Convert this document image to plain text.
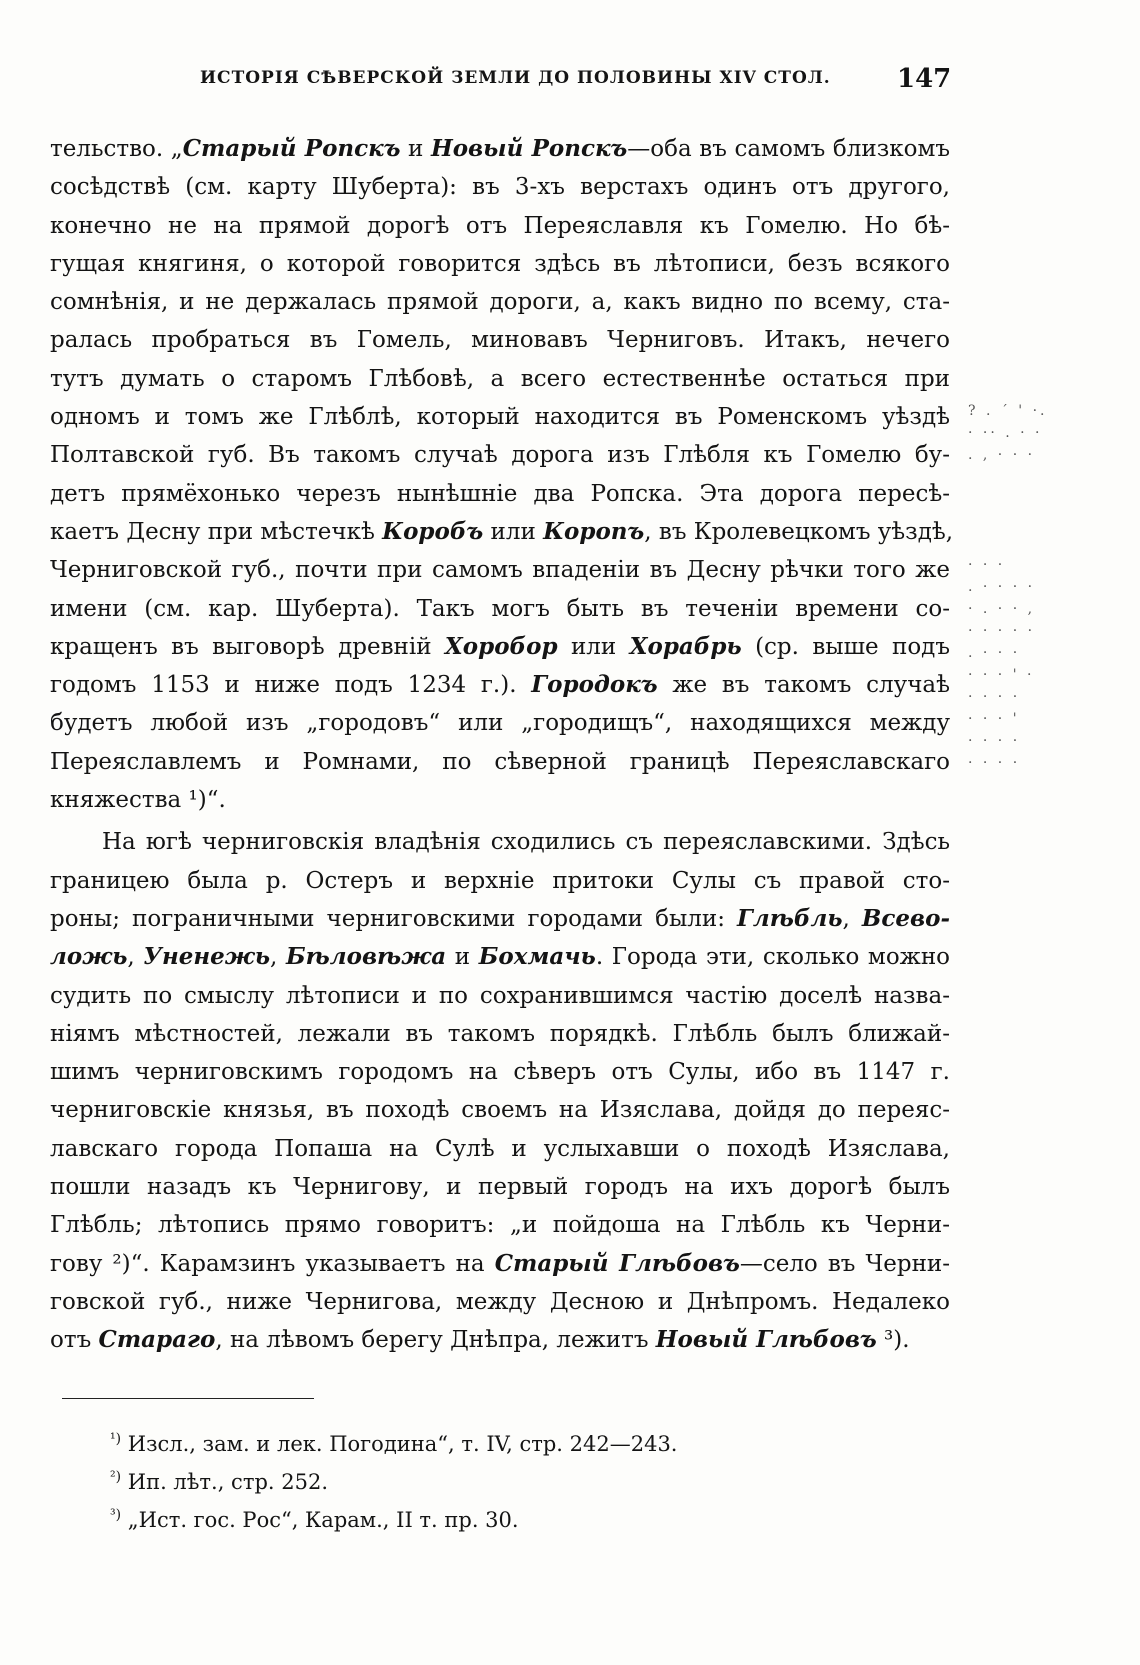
ИСТОРІЯ СѢВЕРСКОЙ ЗЕМЛИ ДО ПОЛОВИНЫ XIV СТОЛ.	147

тельство. „Старый Ропскъ и Новый Ропскъ—оба въ самомъ близкомъ
сосѣдствѣ (см. карту Шуберта): въ 3-хъ верстахъ одинъ отъ другого,
конечно не на прямой дорогѣ отъ Переяславля къ Гомелю. Но бѣ-
гущая княгиня, о которой говорится здѣсь въ лѣтописи, безъ всякого
сомнѣнія, и не держалась прямой дороги, а, какъ видно по всему, ста-
ралась пробраться въ Гомель, миновавъ Черниговъ. Итакъ, нечего
тутъ думать о старомъ Глѣбовѣ, а всего естественнѣе остаться при
одномъ и томъ же Глѣблѣ, который находится въ Роменскомъ уѣздѣ
Полтавской губ. Въ такомъ случаѣ дорога изъ Глѣбля къ Гомелю бу-
детъ прямёхонько черезъ нынѣшніе два Ропска. Эта дорога пересѣ-
каетъ Десну при мѣстечкѣ Коробъ или Коропъ, въ Кролевецкомъ уѣздѣ,
Черниговской губ., почти при самомъ впаденіи въ Десну рѣчки того же
имени (см. кар. Шуберта). Такъ могъ быть въ теченіи времени со-
кращенъ въ выговорѣ древній Хоробор или Хорабрь (ср. выше подъ
годомъ 1153 и ниже подъ 1234 г.). Городокъ же въ такомъ случаѣ
будетъ любой изъ „городовъ“ или „городищъ“, находящихся между
Переяславлемъ и Ромнами, по сѣверной границѣ Переяславскаго
княжества ¹)“.

На югѣ черниговскія владѣнія сходились съ переяславскими. Здѣсь
границею была р. Остеръ и верхніе притоки Сулы съ правой сто-
роны; пограничными черниговскими городами были: Глѣбль, Всево-
ложь, Уненежь, Бѣловѣжа и Бохмачь. Города эти, сколько можно
судить по смыслу лѣтописи и по сохранившимся частію доселѣ назва-
ніямъ мѣстностей, лежали въ такомъ порядкѣ. Глѣбль былъ ближай-
шимъ черниговскимъ городомъ на сѣверъ отъ Сулы, ибо въ 1147 г.
черниговскіе князья, въ походѣ своемъ на Изяслава, дойдя до переяс-
лавскаго города Попаша на Сулѣ и услыхавши о походѣ Изяслава,
пошли назадъ къ Чернигову, и первый городъ на ихъ дорогѣ былъ
Глѣбль; лѣтопись прямо говоритъ: „и пойдоша на Глѣбль къ Черни-
гову ²)“. Карамзинъ указываетъ на Старый Глѣбовъ—село въ Черни-
говской губ., ниже Чернигова, между Десною и Днѣпромъ. Недалеко
отъ Стараго, на лѣвомъ берегу Днѣпра, лежитъ Новый Глѣбовъ ³).

? . ´ ' ·.
· ·· . · ·
. , · · ·
· · ·
. · · · ·
· . · · ,
· · · · ·
. · · ·
· · · ' ·
· · · ·
· · · '
· · · ·
· · · ·
$^{^1)}$ Изсл., зам. и лек. Погодина“, т. IV, стр. 242—243.
$^{^2)}$ Ип. лѣт., стр. 252.
$^{^3)}$ „Ист. гос. Рос“, Карам., II т. пр. 30.
